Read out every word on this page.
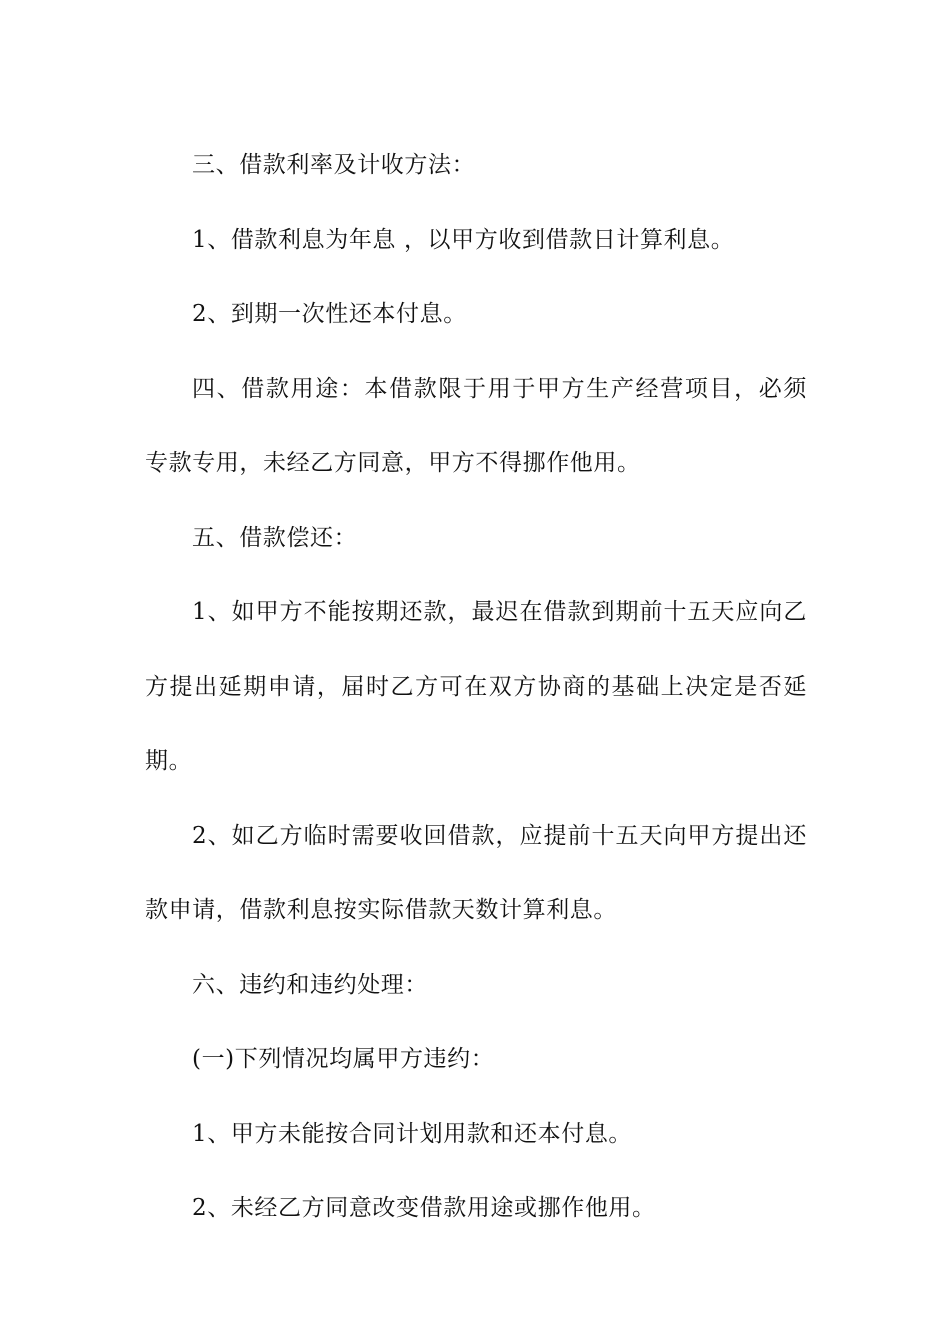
三、借款利率及计收方法：
1、借款利息为年息 ，以甲方收到借款日计算利息。
2、到期一次性还本付息。
四、借款用途：本借款限于用于甲方生产经营项目，必须
专款专用，未经乙方同意，甲方不得挪作他用。
五、借款偿还：
1、如甲方不能按期还款，最迟在借款到期前十五天应向乙
方提出延期申请，届时乙方可在双方协商的基础上决定是否延
期。
2、如乙方临时需要收回借款，应提前十五天向甲方提出还
款申请，借款利息按实际借款天数计算利息。
六、违约和违约处理：
(一)下列情况均属甲方违约：
1、甲方未能按合同计划用款和还本付息。
2、未经乙方同意改变借款用途或挪作他用。
